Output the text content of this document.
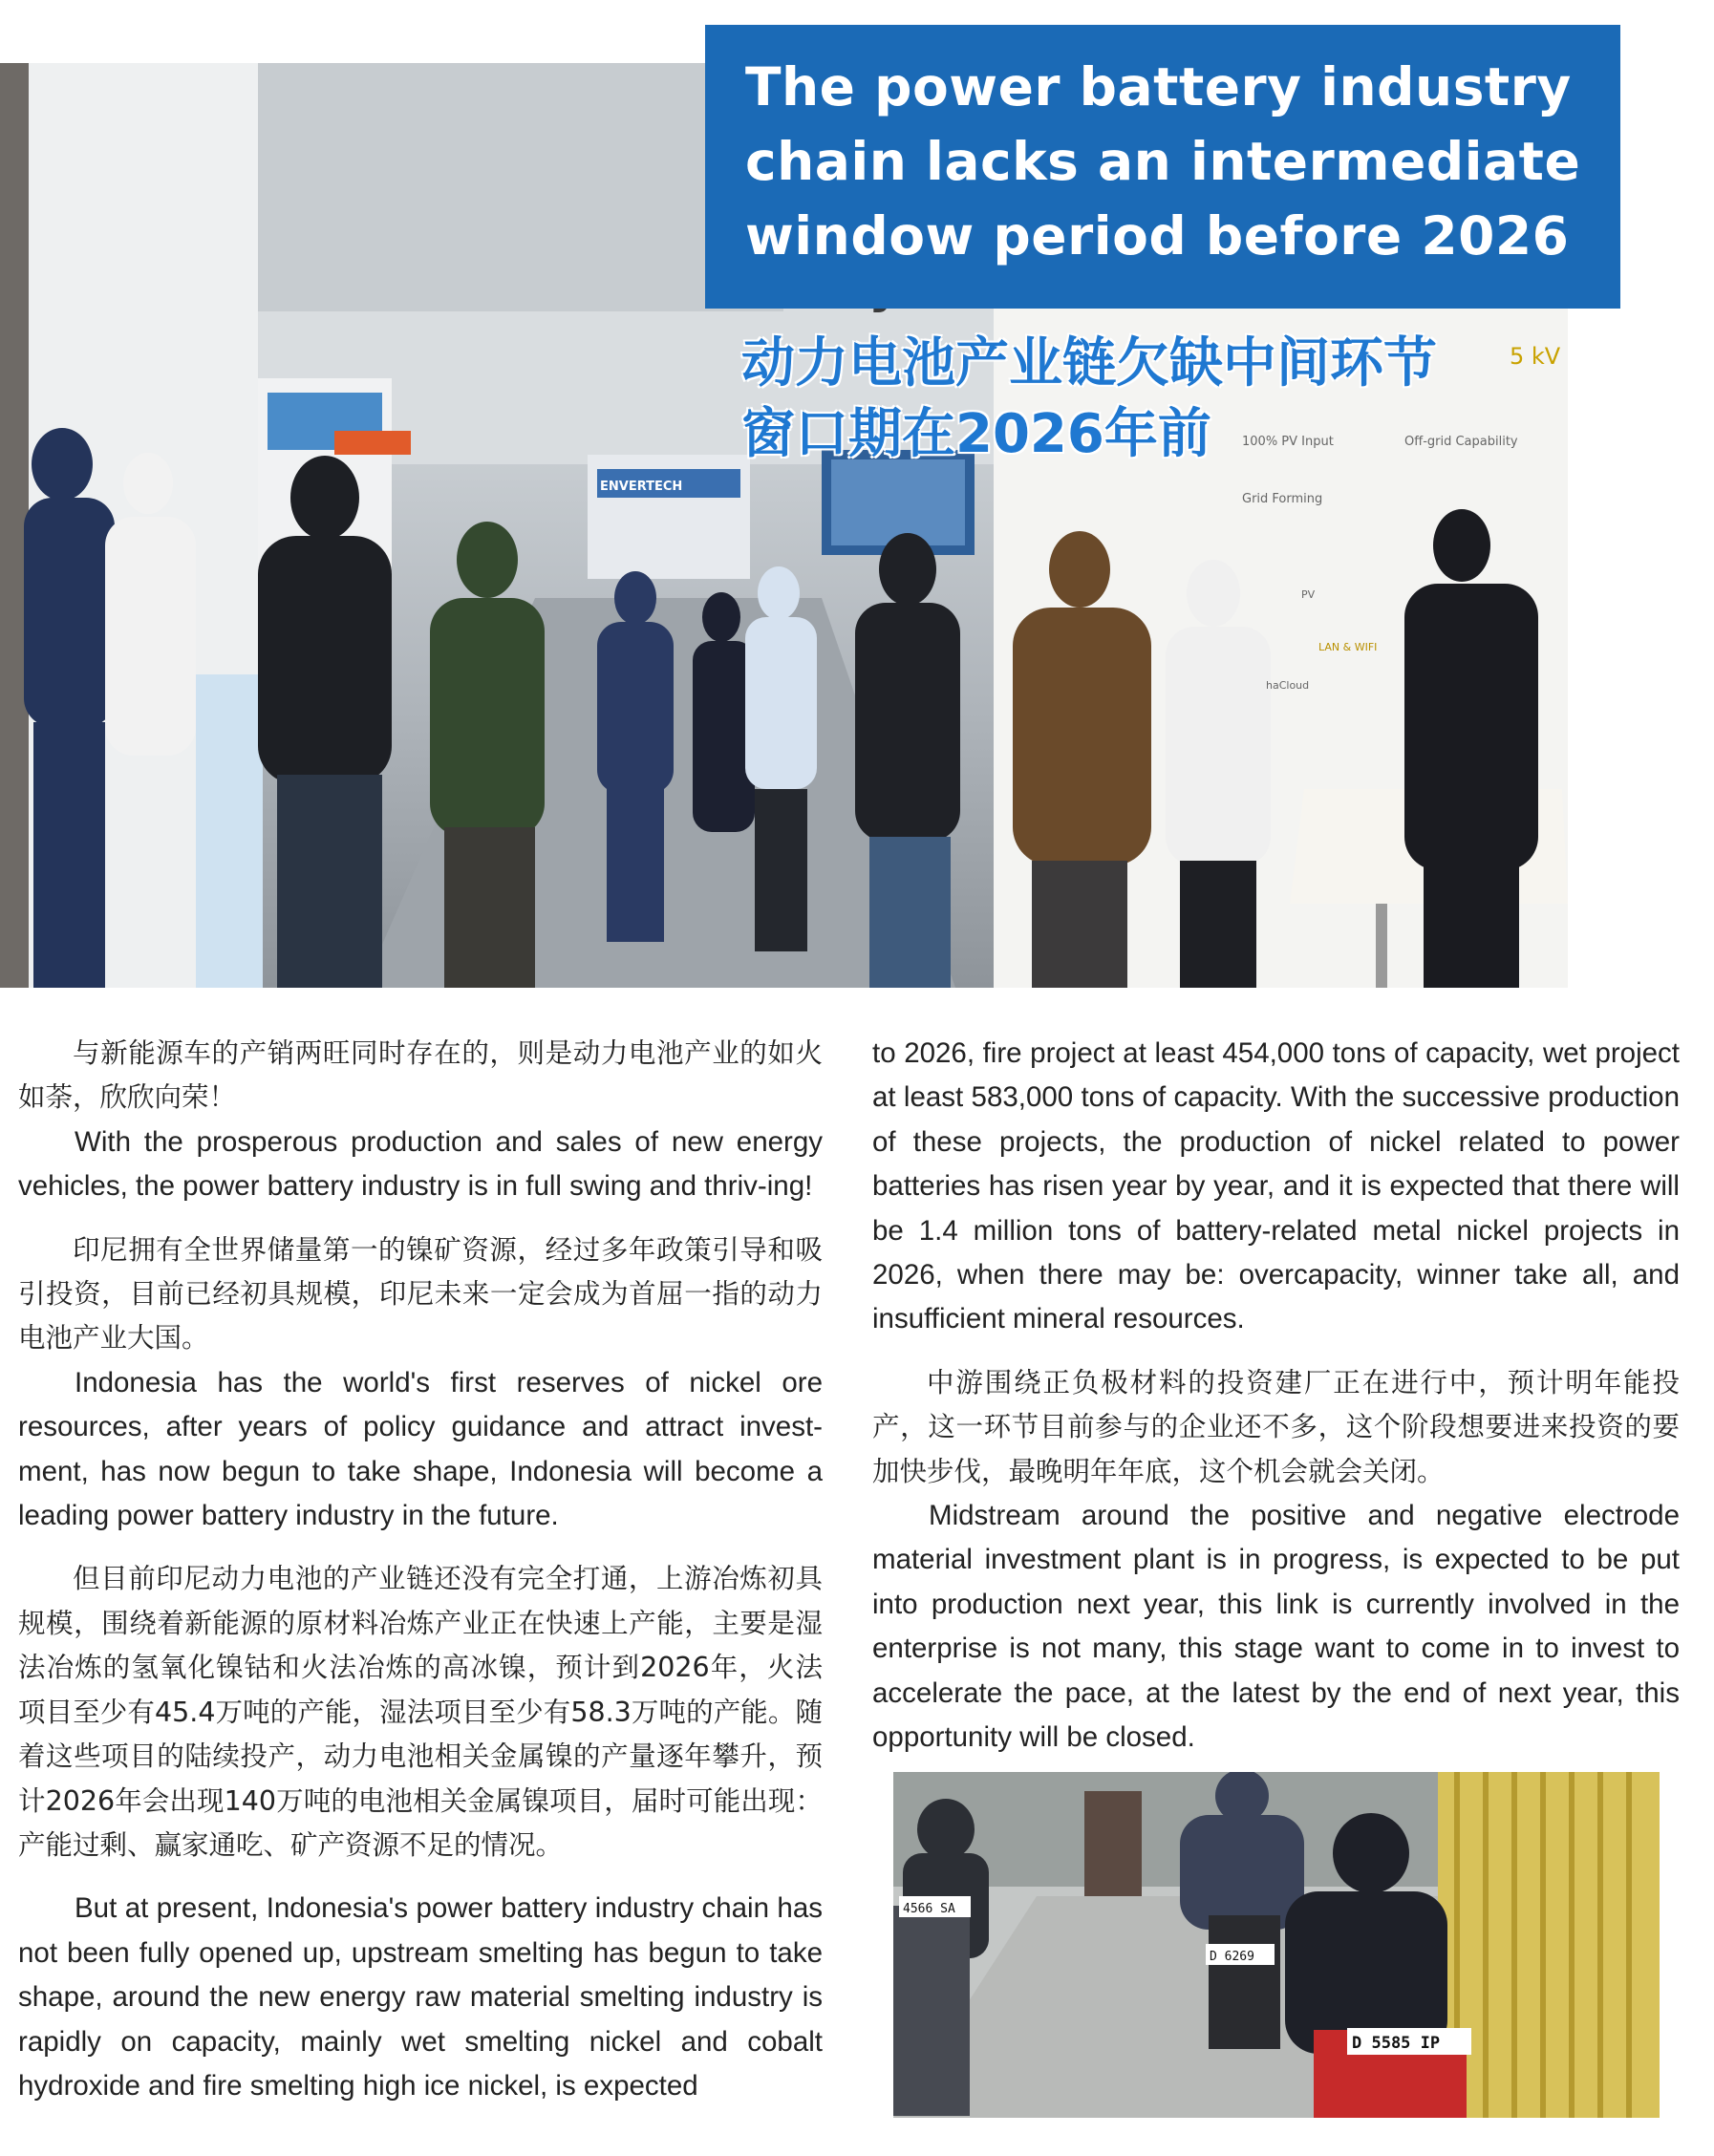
5 kV
100% PV Input	Off-grid Capability
Grid Forming
PV
LAN & WIFI
haCloud
ENVERTECH
The power battery industry chain lacks an intermediate window period before 2026
动力电池产业链欠缺中间环节
窗口期在2026年前

与新能源车的产销两旺同时存在的，则是动力电池产业的如火如荼，欣欣向荣！

With the prosperous production and sales of new energy vehicles, the power battery industry is in full swing and thriv-ing!

印尼拥有全世界储量第一的镍矿资源，经过多年政策引导和吸引投资，目前已经初具规模，印尼未来一定会成为首屈一指的动力电池产业大国。

Indonesia has the world's first reserves of nickel ore resources, after years of policy guidance and attract invest-ment, has now begun to take shape, Indonesia will become a leading power battery industry in the future.

但目前印尼动力电池的产业链还没有完全打通，上游冶炼初具规模，围绕着新能源的原材料冶炼产业正在快速上产能，主要是湿法冶炼的氢氧化镍钴和火法冶炼的高冰镍，预计到2026年，火法项目至少有45.4万吨的产能，湿法项目至少有58.3万吨的产能。随着这些项目的陆续投产，动力电池相关金属镍的产量逐年攀升，预计2026年会出现140万吨的电池相关金属镍项目，届时可能出现：产能过剩、赢家通吃、矿产资源不足的情况。

But at present, Indonesia's power battery industry chain has not been fully opened up, upstream smelting has begun to take shape, around the new energy raw material smelting industry is rapidly on capacity, mainly wet smelting nickel and cobalt hydroxide and fire smelting high ice nickel, is expected

to 2026, fire project at least 454,000 tons of capacity, wet project at least 583,000 tons of capacity. With the successive production of these projects, the production of nickel related to power batteries has risen year by year, and it is expected that there will be 1.4 million tons of battery-related metal nickel projects in 2026, when there may be: overcapacity, winner take all, and insufficient mineral resources.

中游围绕正负极材料的投资建厂正在进行中，预计明年能投产，这一环节目前参与的企业还不多，这个阶段想要进来投资的要加快步伐，最晚明年年底，这个机会就会关闭。

Midstream around the positive and negative electrode material investment plant is in progress, is expected to be put into production next year, this link is currently involved in the enterprise is not many, this stage want to come in to invest to accelerate the pace, at the latest by the end of next year, this opportunity will be closed.

4566 SA
D 6269
D 5585 IP
